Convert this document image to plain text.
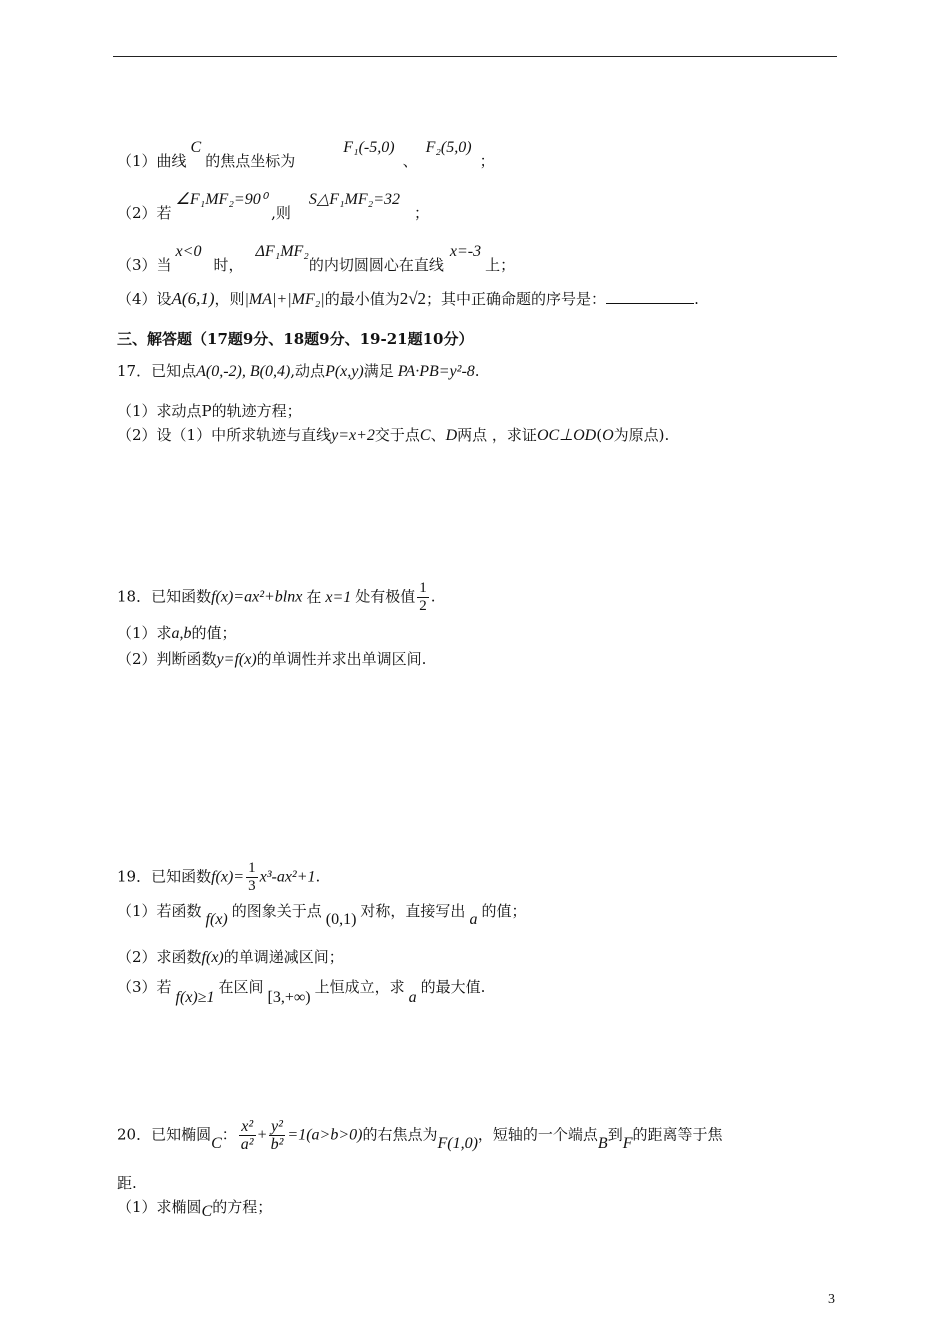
（1）曲线C的焦点坐标为F₁(-5,0)、F₂(5,0)；
（2）若∠F₁MF₂=90⁰,则S△F₁MF₂=32；
（3）当x<0时，ΔF₁MF₂的内切圆圆心在直线x=-3上；
（4）设A(6,1)，则|MA|+|MF₂|的最小值为2√2；其中正确命题的序号是：	.
三、解答题（17题9分、18题9分、19-21题10分）
17．已知点A(0,-2), B(0,4),动点P(x,y)满足 PA·PB=y²-8.
（1）求动点P的轨迹方程；
（2）设（1）中所求轨迹与直线y=x+2交于点C、D两点 ，求证OC⊥OD(O为原点).
18．已知函数f(x)=ax²+blnx 在 x=1 处有极值 $\frac{1}{2}$ .
（1）求a,b的值；
（2）判断函数y=f(x)的单调性并求出单调区间.
19．已知函数$f(x)= \frac{1}{3} x^3-ax^2+1$.
（1）若函数 f(x) 的图象关于点 (0,1) 对称，直接写出 a 的值；
（2）求函数f(x)的单调递减区间；
（3）若f(x)≥1在区间[3,+∞)上恒成立，求a的最大值.
20．已知椭圆C： $\frac{\text{x²}}{\text{a²}} + \frac{\text{y²}}{\text{b²}} =1(a>b>0)$的右焦点为F(1,0)，短轴的一个端点B到F的距离等于焦
距.
（1）求椭圆C的方程；
3
